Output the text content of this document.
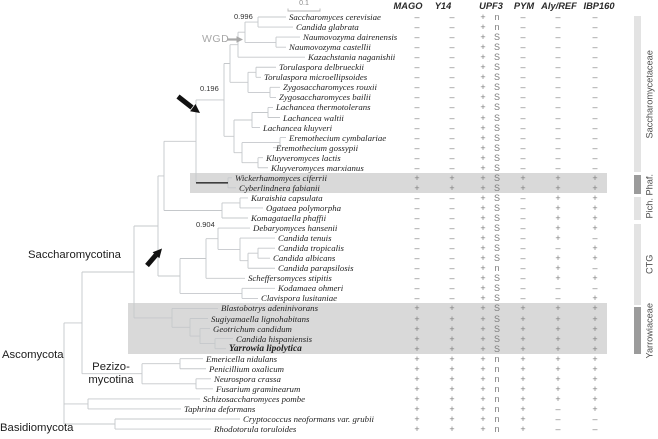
0.1
WGD
0.996
0.196
0.904
Saccharomycotina
Ascomycota
Pezizo-
mycotina
Basidiomycota
MAGO Y14	UPF3 PYM Aly/REF IBP160
Saccharomyces cerevisiae	–	–	+ n –	–	–
Candida glabrata	–	–	+ n –	–	–
Naumovozyma dairenensis –	–	+ S –	–	–
Naumovozyma castellii	–	–	+ S –	–	–
Kazachstania naganishii –	–	+ S –	–	–
Torulaspora delbrueckii	–	–	+ S –	–	–
Torulaspora microellipsoides	–	–	+ S –	–	–
Zygosaccharomyces rouxii	–	–	+ S –	–	–
Zygosaccharomyces bailii	–	–	+ S –	–	–
Lachancea thermotolerans	–	–	+ S –	–	–
Lachancea waltii	–	–	+ S –	–	–
Lachancea kluyveri	–	–	+ S –	–	–
Eremothecium cymbalariae	–	–	+ S –	–	–
Eremothecium gossypii	–	–	+ S –	–	–
Kluyveromyces lactis	–	–	+ S –	–	–
Kluyveromyces marxianus	–	–	+ S –	–	–
Wickerhamomyces ciferrii	+	+	+ S +	+	+
Cyberlindnera fabianii	+	+	+ S +	+	+
Kuraishia capsulata	–	–	+ S –	+	+
Ogataea polymorpha	–	–	+ S –	+	+
Komagataella phaffii	–	–	+ S –	+	+
Debaryomyces hansenii	–	–	+ S –	+	+
Candida tenuis	–	–	+ S –	+	–
Candida tropicalis	–	–	+ S –	–	+
Candida albicans	–	–	+ S –	+	+
Candida parapsilosis	–	–	+ n –	+	–
Scheffersomyces stipitis	–	–	+ S –	+	+
Kodamaea ohmeri	–	–	+ S –	–	–
Clavispora lusitaniae	–	–	+ S –	–	+
Blastobotrys adeninivorans	+	+	+ S +	+	+
Sugiyamaella lignohabitans	+	+	+ S +	+	+
Geotrichum candidum	+	+	+ S +	+	+
Candida hispaniensis	+	+	+ S +	+	+
Yarrowia lipolytica	+	+	+ S +	+	+
Emericella nidulans	+	+	+ n +	+	+
Penicillium oxalicum	+	+	+ n +	+	+
Neurospora crassa	+	+	+ n +	+	+
Fusarium graminearum	+	+	+ n +	+	+
Schizosaccharomyces pombe	+	+	+ n +	+	+
Taphrina deformans	+	+	+ n +	–	+
Cryptococcus neoformans var. grubii	+	+	+ n +	–	–
Rhodotorula toruloides	+	+	+ n +	–	–
Saccharomycetaceae
Phaf.
Pich.
CTG
Yarrowiaceae
